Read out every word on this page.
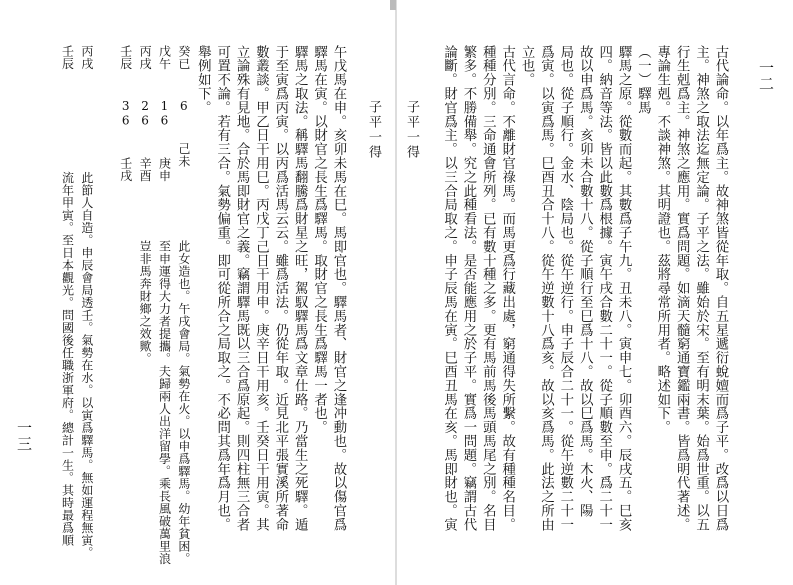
一三
子平一得
午戊馬在申。亥卯未馬在巳。馬即官也。驛馬者、財官之逢冲動也。故以傷官爲
驛馬在寅。以財官之長生爲驛馬。取財官之長生爲驛馬一者也。
驛馬之取法。稱驛馬翻騰爲財星之旺，駕馭驛馬爲文章仕路。乃當生之死驛。遁
于至寅爲丙寅。以丙爲活馬云云。雖爲活法。仍從年取。近見北平張實溪所著命
數叢談。甲乙日干用巳。丙戊丁己日干用申。庚辛日干用亥。壬癸日干用寅。其
立論殊有見地。合於馬即財官之義。竊謂驛馬既以三合爲原起。則四柱無三合者
可置不論。若有三合。氣勢偏重。即可從所合之局取之。不必問其爲年爲月也。
舉例如下。
癸已  6  己未     此女造也。午戌會局。氣勢在火。以申爲驛馬。幼年貧困。
戊午  16  庚申    至申運得大力者提攜。夫歸兩人出洋留學。乘長風破萬里浪
丙戌  26  辛酉    豈非馬奔財鄉之效歟。
壬辰  36  壬戌
丙戌       此節人自造。申辰會局透壬。氣勢在水。以寅爲驛馬。無如運程無寅。
壬辰       流年甲寅。至日本觀光。問國後任職浙軍府。總計一生。其時最爲順	一二
子平一得	古代論命。以年爲主。故神煞皆從年取。自五星遞衍蛻嬗而爲子平。改爲以日爲
主。神煞之取法迄無定論。子平之法。雖始於宋。至有明末葉。始爲世重。以五
行生剋爲主。神煞之應用。實爲問題。如滴天髓窮通寶鑑兩書。皆爲明代著述。
專論生剋。不談神煞。其明證也。茲將尋常所用者。略述如下。
（一）驛馬
驛馬之原。從數而起。其數爲子午九。丑未八。寅申七。卯酉六。辰戌五。巳亥
四。納音等法。皆以此數爲根據。寅午戌合數二十一。從子順數至申。爲二十一
故以申爲馬。亥卯未合數十八。從子順行至巳爲十八。故以巳爲馬。木火、陽
局也。從子順行。金水、陰局也。從午逆行。申子辰合二十一。從午逆數二十一
爲寅。以寅爲馬。巳酉丑合十八。從午逆數十八爲亥。故以亥爲馬。此法之所由
立也。
古代言命。不離財官祿馬。而馬更爲行藏出處，窮通得失所繫。故有種種名目。
種種分別。三命通會所列。已有數十種之多。更有馬前馬後馬頭馬尾之別。名目
繁多。不勝備舉。究之此種看法。是否能應用之於子平。實爲一問題。竊謂古代
論斷。財官爲主。以三合局取之。申子辰馬在寅。巳酉丑馬在亥。馬即財也。寅
